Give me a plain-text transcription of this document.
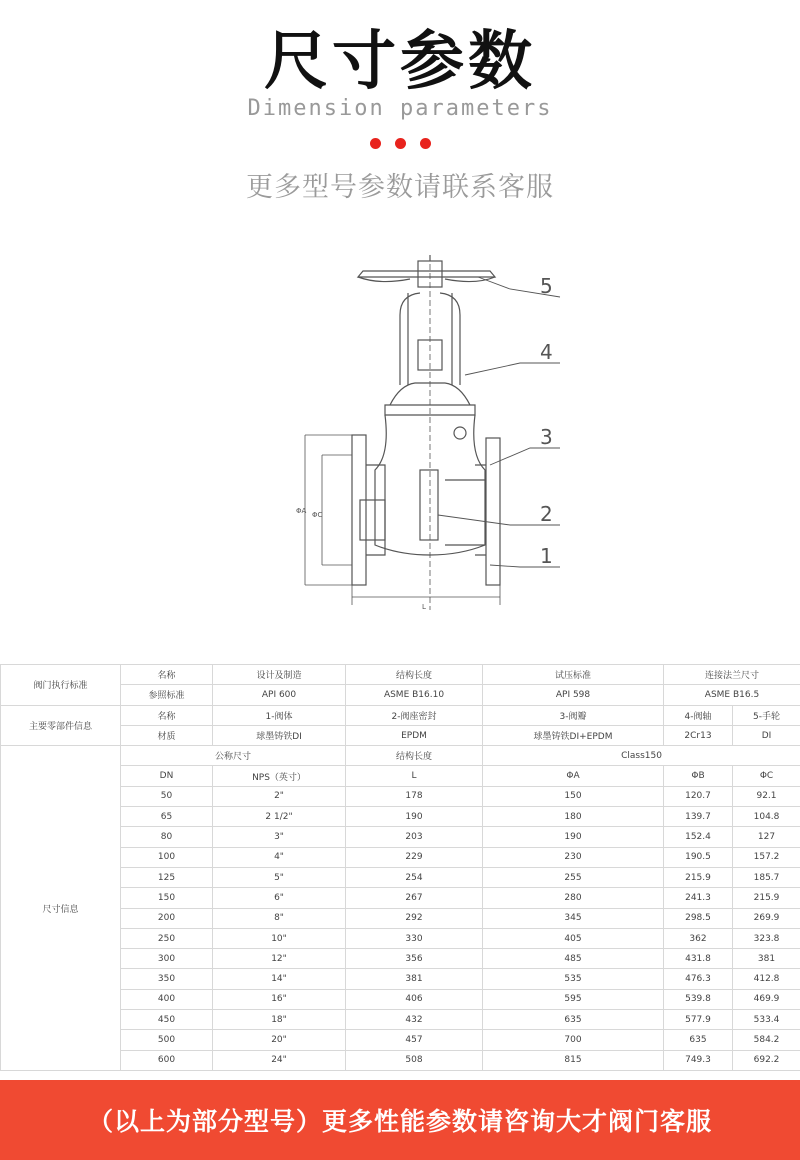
尺寸参数
Dimension parameters
更多型号参数请联系客服
ΦA ΦC
L
5
4
3
2
1
阀门执行标准	名称	设计及制造	结构长度	试压标准	连接法兰尺寸	
	参照标准	API 600	ASME B16.10	API 598	ASME B16.5	
主要零部件信息	名称	1-阀体	2-阀座密封	3-阀瓣	4-阀轴	5-手轮
	材质	球墨铸铁DI	EPDM	球墨铸铁DI+EPDM	2Cr13	DI
尺寸信息	公称尺寸		结构长度	Class150		
	DN	NPS（英寸）	L	ΦA	ΦB	ΦC
	50	2"	178	150	120.7	92.1
	65	2 1/2"	190	180	139.7	104.8
	80	3"	203	190	152.4	127
	100	4"	229	230	190.5	157.2
	125	5"	254	255	215.9	185.7
	150	6"	267	280	241.3	215.9
	200	8"	292	345	298.5	269.9
	250	10"	330	405	362	323.8
	300	12"	356	485	431.8	381
	350	14"	381	535	476.3	412.8
	400	16"	406	595	539.8	469.9
	450	18"	432	635	577.9	533.4
	500	20"	457	700	635	584.2
	600	24"	508	815	749.3	692.2
（以上为部分型号）更多性能参数请咨询大才阀门客服
